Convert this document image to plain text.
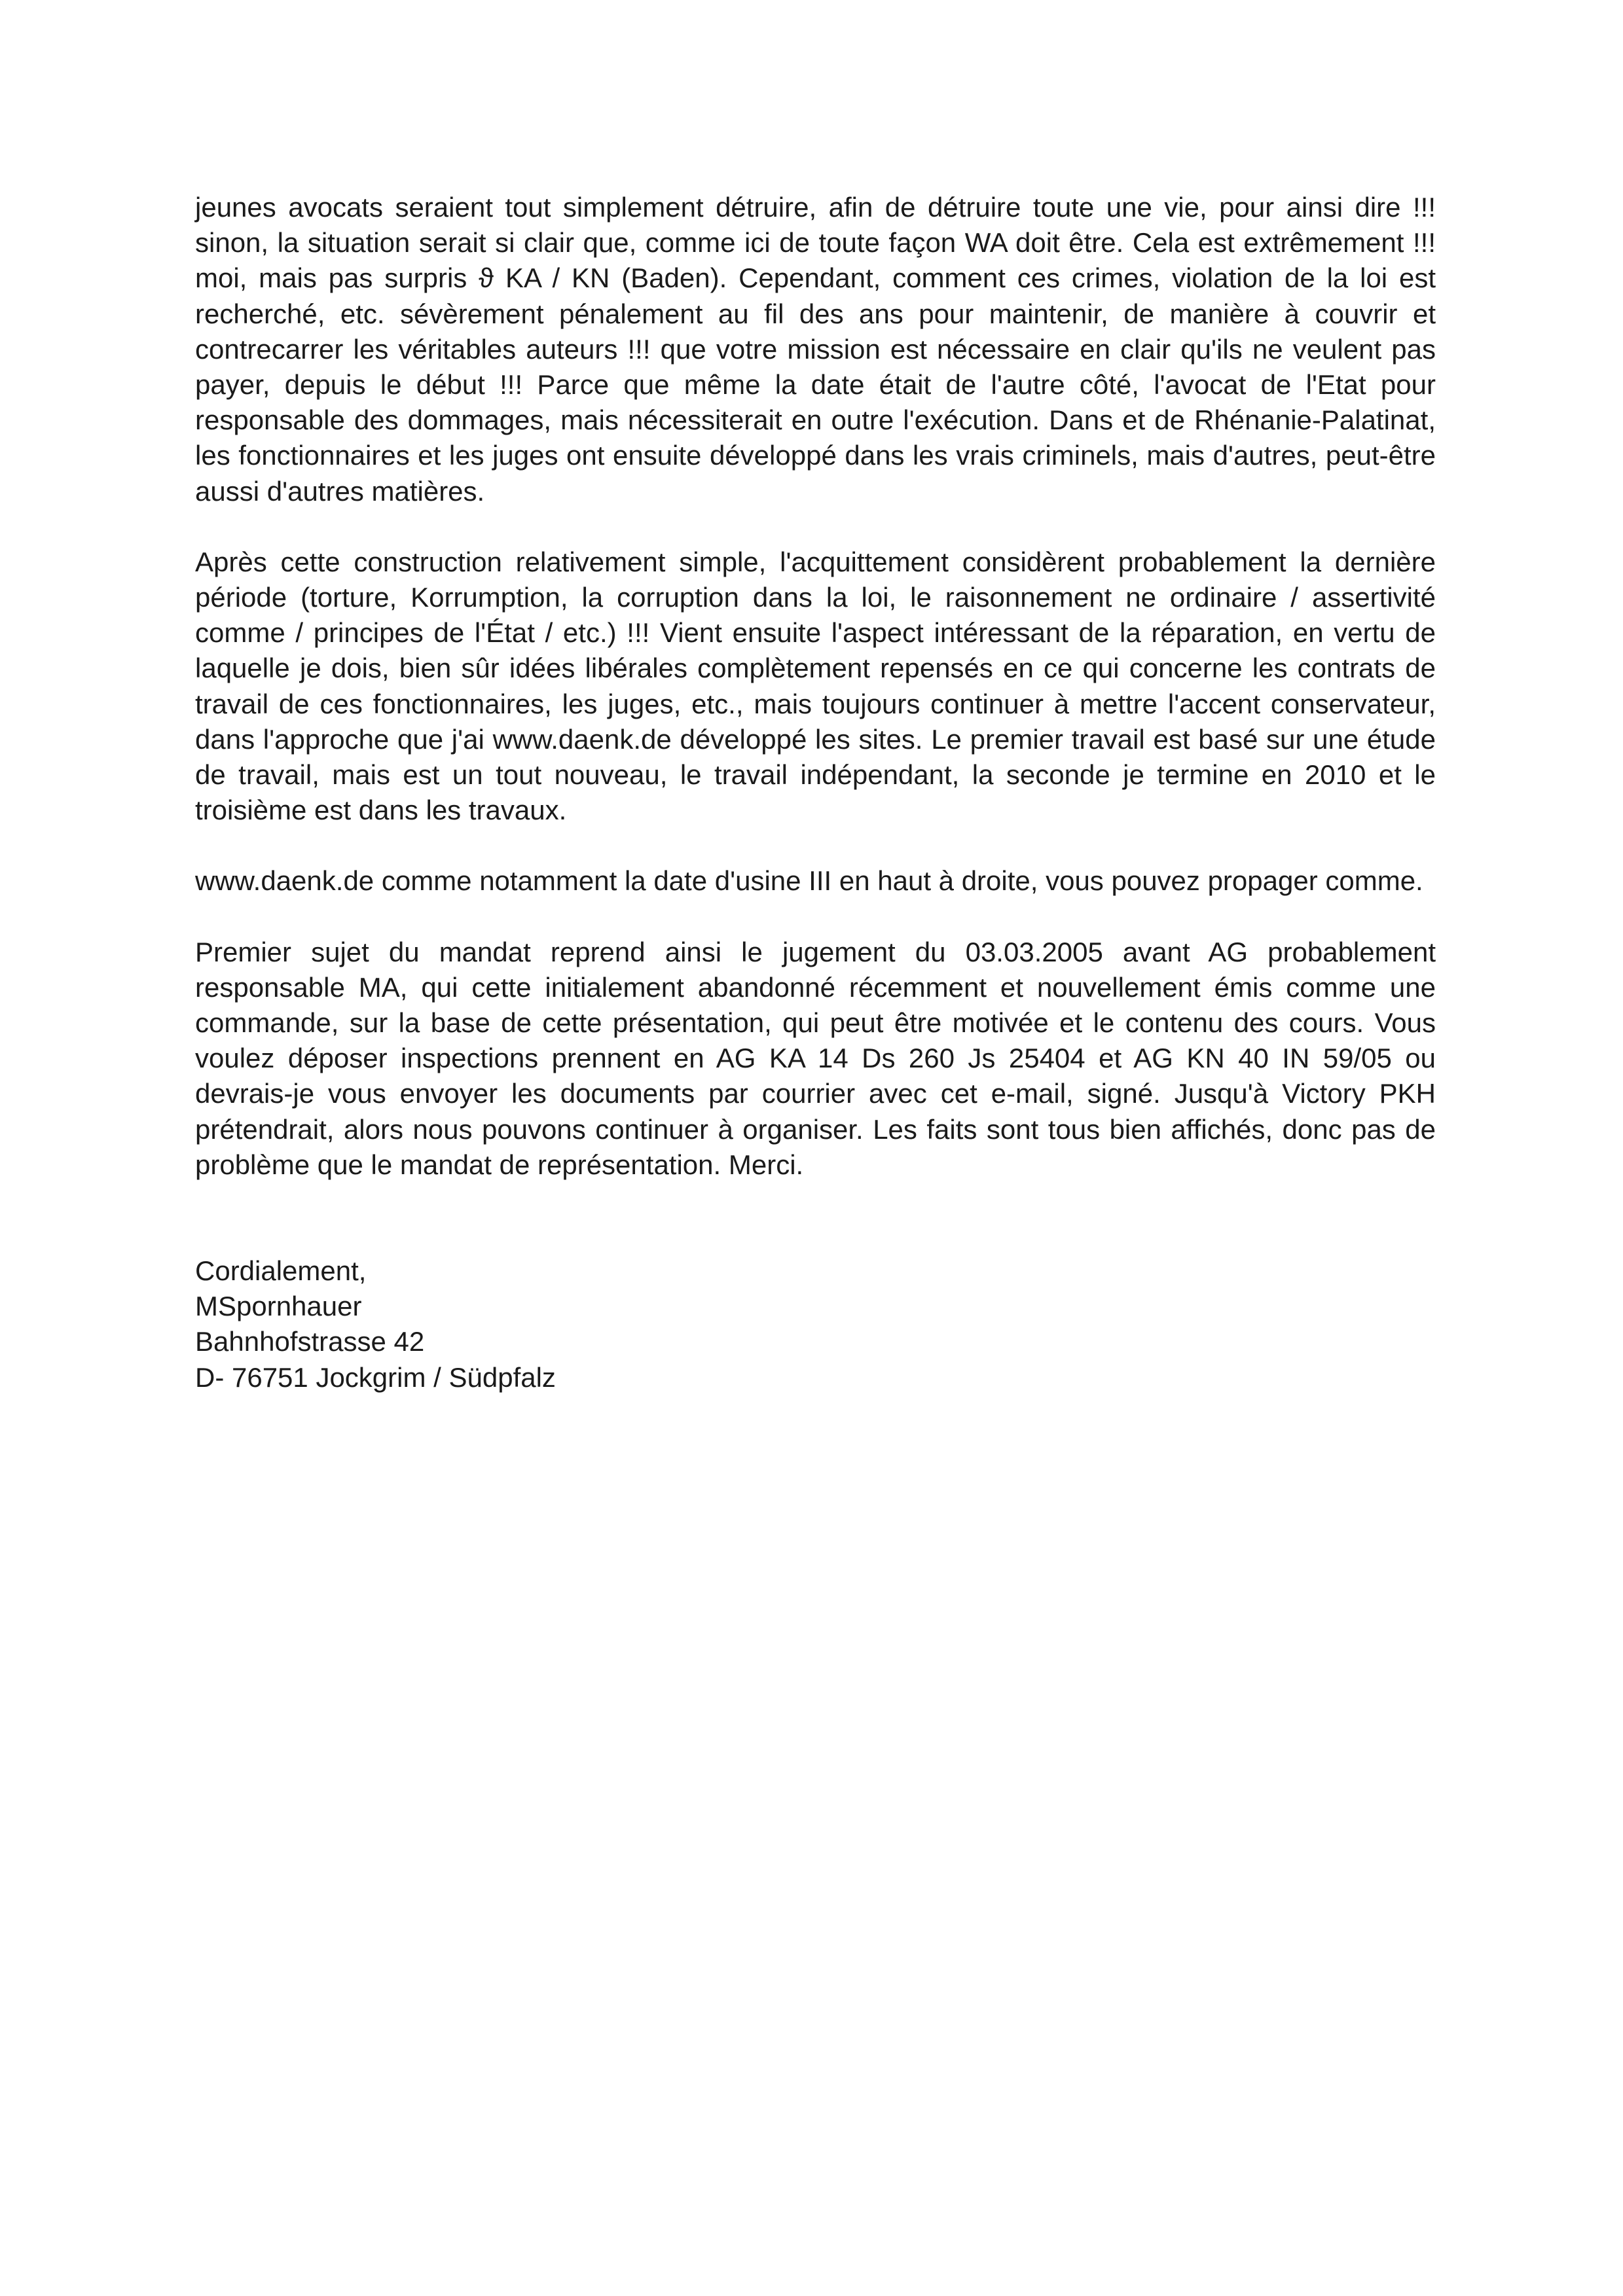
jeunes avocats seraient tout simplement détruire, afin de détruire toute une vie, pour ainsi dire !!! sinon, la situation serait si clair que, comme ici de toute façon WA doit être. Cela est extrêmement !!! moi, mais pas surpris ϑ KA / KN (Baden). Cependant, comment ces crimes, violation de la loi est recherché, etc. sévèrement pénalement au fil des ans pour maintenir, de manière à couvrir et contrecarrer les véritables auteurs !!! que votre mission est nécessaire en clair qu'ils ne veulent pas payer, depuis le début !!! Parce que même la date était de l'autre côté, l'avocat de l'Etat pour responsable des dommages, mais nécessiterait en outre l'exécution. Dans et de Rhénanie-Palatinat, les fonctionnaires et les juges ont ensuite développé dans les vrais criminels, mais d'autres, peut-être aussi d'autres matières.

Après cette construction relativement simple, l'acquittement considèrent probablement la dernière période (torture, Korrumption, la corruption dans la loi, le raisonnement ne ordinaire / assertivité comme / principes de l'État / etc.) !!! Vient ensuite l'aspect intéressant de la réparation, en vertu de laquelle je dois, bien sûr idées libérales complètement repensés en ce qui concerne les contrats de travail de ces fonctionnaires, les juges, etc., mais toujours continuer à mettre l'accent conservateur, dans l'approche que j'ai www.daenk.de développé les sites. Le premier travail est basé sur une étude de travail, mais est un tout nouveau, le travail indépendant, la seconde je termine en 2010 et le troisième est dans les travaux.

www.daenk.de comme notamment la date d'usine III en haut à droite, vous pouvez propager comme.

Premier sujet du mandat reprend ainsi le jugement du 03.03.2005 avant AG probablement responsable MA, qui cette initialement abandonné récemment et nouvellement émis comme une commande, sur la base de cette présentation, qui peut être motivée et le contenu des cours. Vous voulez déposer inspections prennent en AG KA 14 Ds 260 Js 25404 et AG KN 40 IN 59/05 ou devrais-je vous envoyer les documents par courrier avec cet e-mail, signé. Jusqu'à Victory PKH prétendrait, alors nous pouvons continuer à organiser. Les faits sont tous bien affichés, donc pas de problème que le mandat de représentation. Merci.

Cordialement,
MSpornhauer
Bahnhofstrasse 42
D- 76751 Jockgrim / Südpfalz
